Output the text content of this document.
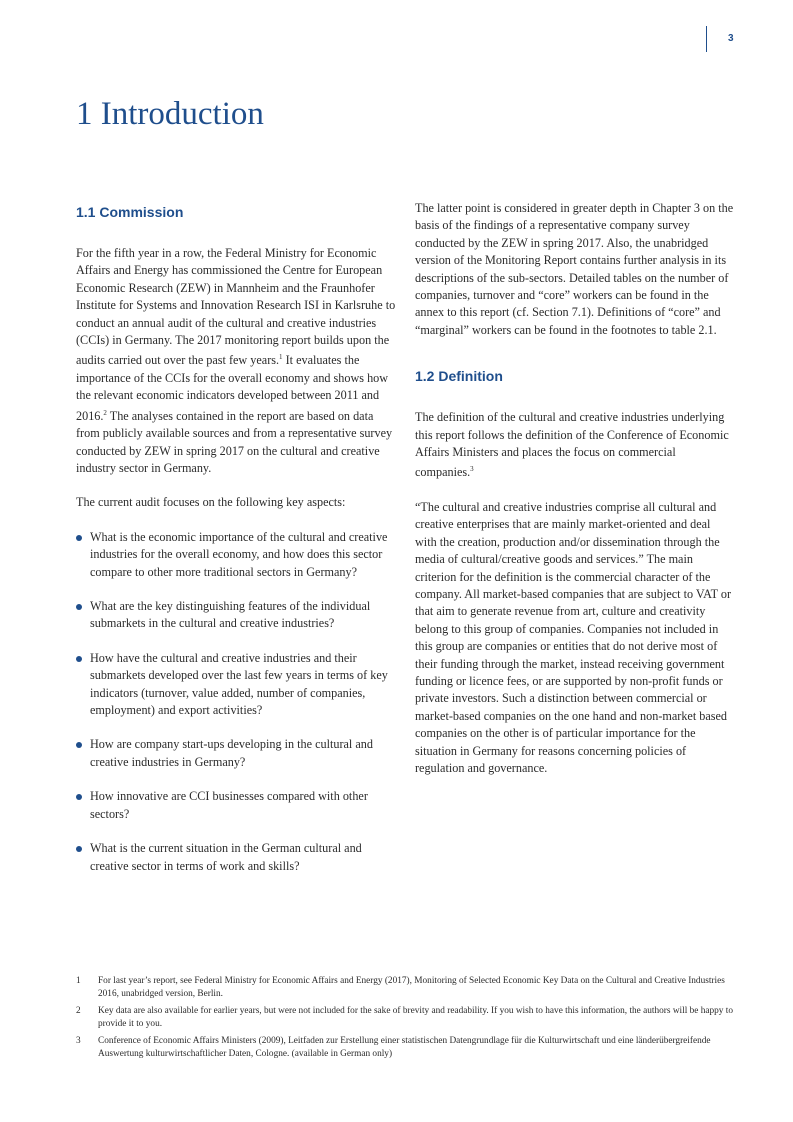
3
1 Introduction
1.1 Commission

For the fifth year in a row, the Federal Ministry for Economic Affairs and Energy has commissioned the Centre for European Economic Research (ZEW) in Mannheim and the Fraunhofer Institute for Systems and Innovation Research ISI in Karlsruhe to conduct an annual audit of the cultural and creative industries (CCIs) in Germany. The 2017 monitoring report builds upon the audits carried out over the past few years.$^1$ It evaluates the importance of the CCIs for the overall economy and shows how the relevant economic indicators developed between 2011 and 2016.$^2$ The analyses contained in the report are based on data from publicly available sources and from a representative survey conducted by ZEW in spring 2017 on the cultural and creative industry sector in Germany.

The current audit focuses on the following key aspects:

What is the economic importance of the cultural and creative industries for the overall economy, and how does this sector compare to other more traditional sectors in Germany?
What are the key distinguishing features of the individual submarkets in the cultural and creative industries?
How have the cultural and creative industries and their submarkets developed over the last few years in terms of key indicators (turnover, value added, number of companies, employment) and export activities?
How are company start-ups developing in the cultural and creative industries in Germany?
How innovative are CCI businesses compared with other sectors?
What is the current situation in the German cultural and creative sector in terms of work and skills?

The latter point is considered in greater depth in Chapter 3 on the basis of the findings of a representative company survey conducted by the ZEW in spring 2017. Also, the unabridged version of the Monitoring Report contains further analysis in its descriptions of the sub-sectors. Detailed tables on the number of companies, turnover and “core” workers can be found in the annex to this report (cf. Section 7.1). Definitions of “core” and “marginal” workers can be found in the footnotes to table 2.1.

1.2 Definition

The definition of the cultural and creative industries underlying this report follows the definition of the Conference of Economic Affairs Ministers and places the focus on commercial companies.$^3$

“The cultural and creative industries comprise all cultural and creative enterprises that are mainly market-oriented and deal with the creation, production and/or dissemination through the media of cultural/creative goods and services.” The main criterion for the definition is the commercial character of the company. All market-based companies that are subject to VAT or that aim to generate revenue from art, culture and creativity belong to this group of companies. Companies not included in this group are companies or entities that do not derive most of their funding through the market, instead receiving government funding or licence fees, or are supported by non-profit funds or private investors. Such a distinction between commercial or market-based companies on the one hand and non-market based companies on the other is of particular importance for the situation in Germany for reasons concerning policies of regulation and governance.

1	For last year’s report, see Federal Ministry for Economic Affairs and Energy (2017), Monitoring of Selected Economic Key Data on the Cultural and Creative Industries 2016, unabridged version, Berlin.
2	Key data are also available for earlier years, but were not included for the sake of brevity and readability. If you wish to have this information, the authors will be happy to provide it to you.
3	Conference of Economic Affairs Ministers (2009), Leitfaden zur Erstellung einer statistischen Datengrundlage für die Kulturwirtschaft und eine länderübergreifende Auswertung kulturwirtschaftlicher Daten, Cologne. (available in German only)
